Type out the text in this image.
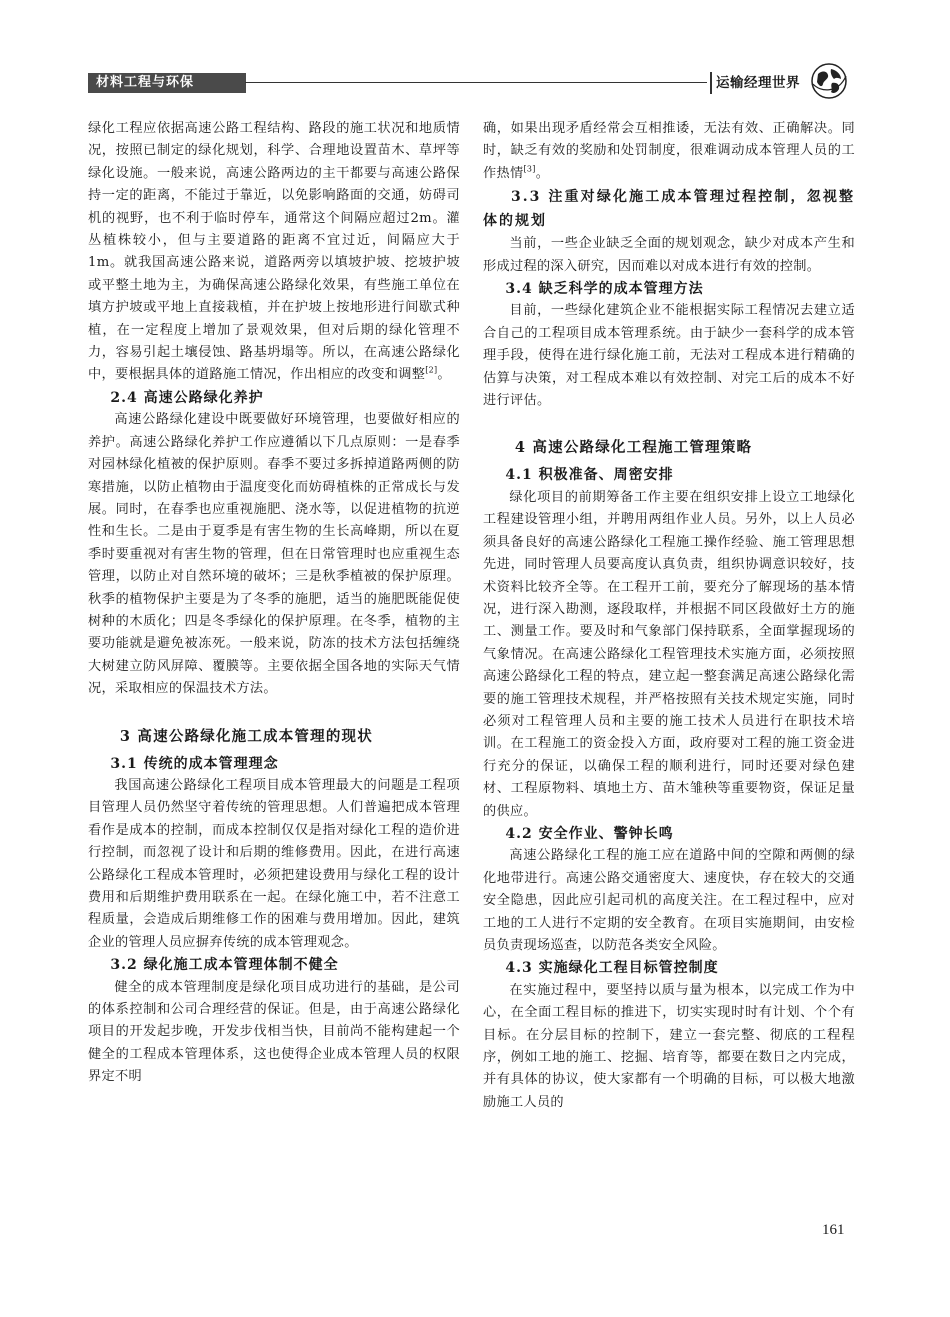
材料工程与环保	运输经理世界

绿化工程应依据高速公路工程结构、路段的施工状况和地质情况，按照已制定的绿化规划，科学、合理地设置苗木、草坪等绿化设施。一般来说，高速公路两边的主干都要与高速公路保持一定的距离，不能过于靠近，以免影响路面的交通，妨碍司机的视野，也不利于临时停车，通常这个间隔应超过2m。灌丛植株较小，但与主要道路的距离不宜过近，间隔应大于1m。就我国高速公路来说，道路两旁以填坡护坡、挖坡护坡或平整土地为主，为确保高速公路绿化效果，有些施工单位在填方护坡或平地上直接栽植，并在护坡上按地形进行间歇式种植，在一定程度上增加了景观效果，但对后期的绿化管理不力，容易引起土壤侵蚀、路基坍塌等。所以，在高速公路绿化中，要根据具体的道路施工情况，作出相应的改变和调整[2]。

2.4 高速公路绿化养护

高速公路绿化建设中既要做好环境管理，也要做好相应的养护。高速公路绿化养护工作应遵循以下几点原则：一是春季对园林绿化植被的保护原则。春季不要过多拆掉道路两侧的防寒措施，以防止植物由于温度变化而妨碍植株的正常成长与发展。同时，在春季也应重视施肥、浇水等，以促进植物的抗逆性和生长。二是由于夏季是有害生物的生长高峰期，所以在夏季时要重视对有害生物的管理，但在日常管理时也应重视生态管理，以防止对自然环境的破坏；三是秋季植被的保护原理。秋季的植物保护主要是为了冬季的施肥，适当的施肥既能促使树种的木质化；四是冬季绿化的保护原理。在冬季，植物的主要功能就是避免被冻死。一般来说，防冻的技术方法包括缠绕大树建立防风屏障、覆膜等。主要依据全国各地的实际天气情况，采取相应的保温技术方法。

3 高速公路绿化施工成本管理的现状
3.1 传统的成本管理理念

我国高速公路绿化工程项目成本管理最大的问题是工程项目管理人员仍然坚守着传统的管理思想。人们普遍把成本管理看作是成本的控制，而成本控制仅仅是指对绿化工程的造价进行控制，而忽视了设计和后期的维修费用。因此，在进行高速公路绿化工程成本管理时，必须把建设费用与绿化工程的设计费用和后期维护费用联系在一起。在绿化施工中，若不注意工程质量，会造成后期维修工作的困难与费用增加。因此，建筑企业的管理人员应摒弃传统的成本管理观念。

3.2 绿化施工成本管理体制不健全

健全的成本管理制度是绿化项目成功进行的基础，是公司的体系控制和公司合理经营的保证。但是，由于高速公路绿化项目的开发起步晚，开发步伐相当快，目前尚不能构建起一个健全的工程成本管理体系，这也使得企业成本管理人员的权限界定不明

确，如果出现矛盾经常会互相推诿，无法有效、正确解决。同时，缺乏有效的奖励和处罚制度，很难调动成本管理人员的工作热情[3]。

3.3 注重对绿化施工成本管理过程控制，忽视整体的规划

当前，一些企业缺乏全面的规划观念，缺少对成本产生和形成过程的深入研究，因而难以对成本进行有效的控制。

3.4 缺乏科学的成本管理方法

目前，一些绿化建筑企业不能根据实际工程情况去建立适合自己的工程项目成本管理系统。由于缺少一套科学的成本管理手段，使得在进行绿化施工前，无法对工程成本进行精确的估算与决策，对工程成本难以有效控制、对完工后的成本不好进行评估。

4 高速公路绿化工程施工管理策略
4.1 积极准备、周密安排

绿化项目的前期筹备工作主要在组织安排上设立工地绿化工程建设管理小组，并聘用两组作业人员。另外，以上人员必须具备良好的高速公路绿化工程施工操作经验、施工管理思想先进，同时管理人员要高度认真负责，组织协调意识较好，技术资料比较齐全等。在工程开工前，要充分了解现场的基本情况，进行深入勘测，逐段取样，并根据不同区段做好土方的施工、测量工作。要及时和气象部门保持联系，全面掌握现场的气象情况。在高速公路绿化工程管理技术实施方面，必须按照高速公路绿化工程的特点，建立起一整套满足高速公路绿化需要的施工管理技术规程，并严格按照有关技术规定实施，同时必须对工程管理人员和主要的施工技术人员进行在职技术培训。在工程施工的资金投入方面，政府要对工程的施工资金进行充分的保证，以确保工程的顺利进行，同时还要对绿色建材、工程原物料、填地土方、苗木雏秧等重要物资，保证足量的供应。

4.2 安全作业、警钟长鸣

高速公路绿化工程的施工应在道路中间的空隙和两侧的绿化地带进行。高速公路交通密度大、速度快，存在较大的交通安全隐患，因此应引起司机的高度关注。在工程过程中，应对工地的工人进行不定期的安全教育。在项目实施期间，由安检员负责现场巡查，以防范各类安全风险。

4.3 实施绿化工程目标管控制度

在实施过程中，要坚持以质与量为根本，以完成工作为中心，在全面工程目标的推进下，切实实现时时有计划、个个有目标。在分层目标的控制下，建立一套完整、彻底的工程程序，例如工地的施工、挖掘、培育等，都要在数日之内完成，并有具体的协议，使大家都有一个明确的目标，可以极大地激励施工人员的

161
